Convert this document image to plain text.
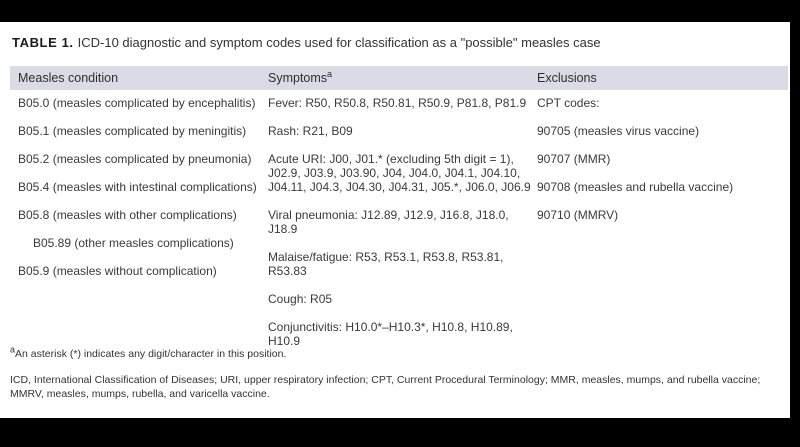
TABLE 1. ICD-10 diagnostic and symptom codes used for classification as a "possible" measles case
Measles condition	Symptoms$^a$	Exclusions

B05.0 (measles complicated by encephalitis)

B05.1 (measles complicated by meningitis)

B05.2 (measles complicated by pneumonia)

B05.4 (measles with intestinal complications)

B05.8 (measles with other complications)

B05.89 (other measles complications)

B05.9 (measles without complication)

Fever: R50, R50.8, R50.81, R50.9, P81.8, P81.9

Rash: R21, B09

Acute URI: J00, J01.* (excluding 5th digit = 1), J02.9, J03.9, J03.90, J04, J04.0, J04.1, J04.10, J04.11, J04.3, J04.30, J04.31, J05.*, J06.0, J06.9

Viral pneumonia: J12.89, J12.9, J16.8, J18.0, J18.9

Malaise/fatigue: R53, R53.1, R53.8, R53.81, R53.83

Cough: R05

Conjunctivitis: H10.0*–H10.3*, H10.8, H10.89, H10.9

CPT codes:

90705 (measles virus vaccine)

90707 (MMR)

90708 (measles and rubella vaccine)

90710 (MMRV)

$^a$An asterisk (*) indicates any digit/character in this position.
ICD, International Classification of Diseases; URI, upper respiratory infection; CPT, Current Procedural Terminology; MMR, measles, mumps, and rubella vaccine; MMRV, measles, mumps, rubella, and varicella vaccine.
